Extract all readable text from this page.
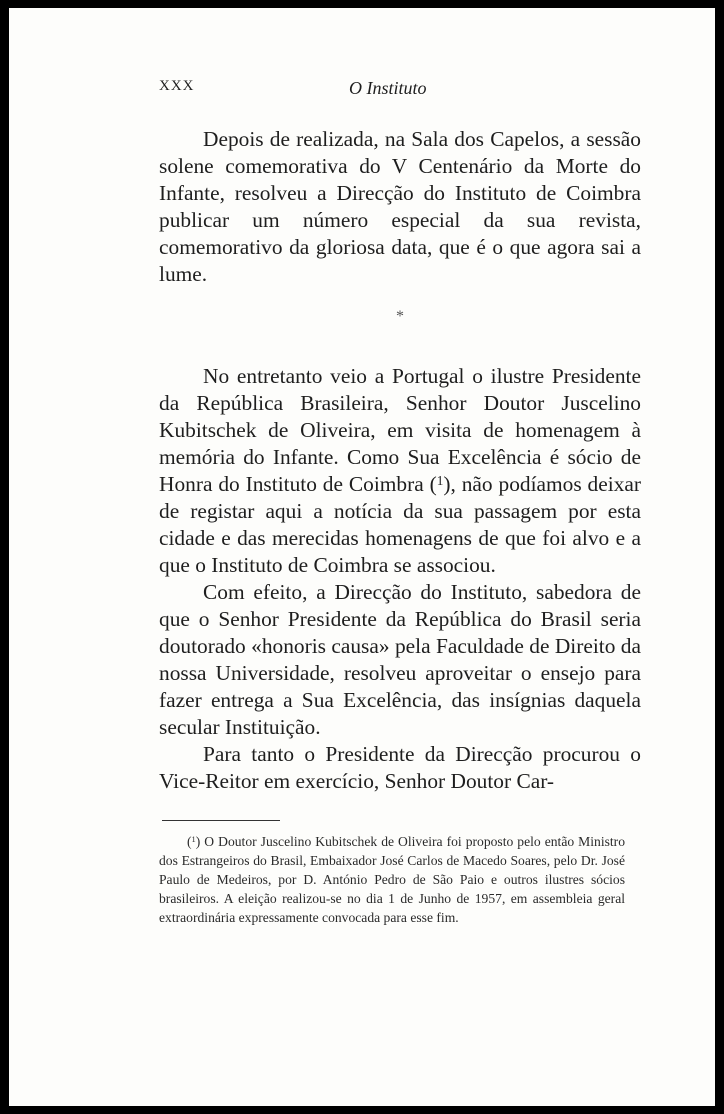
XXX	O Instituto

Depois de realizada, na Sala dos Capelos, a sessão solene comemorativa do V Centenário da Morte do Infante, resolveu a Direcção do Instituto de Coimbra publicar um número especial da sua revista, comemorativo da gloriosa data, que é o que agora sai a lume.

*

No entretanto veio a Portugal o ilustre Presidente da República Brasileira, Senhor Doutor Juscelino Kubitschek de Oliveira, em visita de homenagem à memória do Infante. Como Sua Excelência é sócio de Honra do Instituto de Coimbra ($^1$), não podíamos deixar de registar aqui a notícia da sua passagem por esta cidade e das merecidas homenagens de que foi alvo e a que o Instituto de Coimbra se associou.

Com efeito, a Direcção do Instituto, sabedora de que o Senhor Presidente da República do Brasil seria doutorado «honoris causa» pela Faculdade de Direito da nossa Universidade, resolveu aproveitar o ensejo para fazer entrega a Sua Excelência, das insígnias daquela secular Instituição.

Para tanto o Presidente da Direcção procurou o Vice-Reitor em exercício, Senhor Doutor Car-

($^1$) O Doutor Juscelino Kubitschek de Oliveira foi proposto pelo então Ministro dos Estrangeiros do Brasil, Embaixador José Carlos de Macedo Soares, pelo Dr. José Paulo de Medeiros, por D. António Pedro de São Paio e outros ilustres sócios brasileiros. A eleição realizou-se no dia 1 de Junho de 1957, em assembleia geral extraordinária expressamente convocada para esse fim.
